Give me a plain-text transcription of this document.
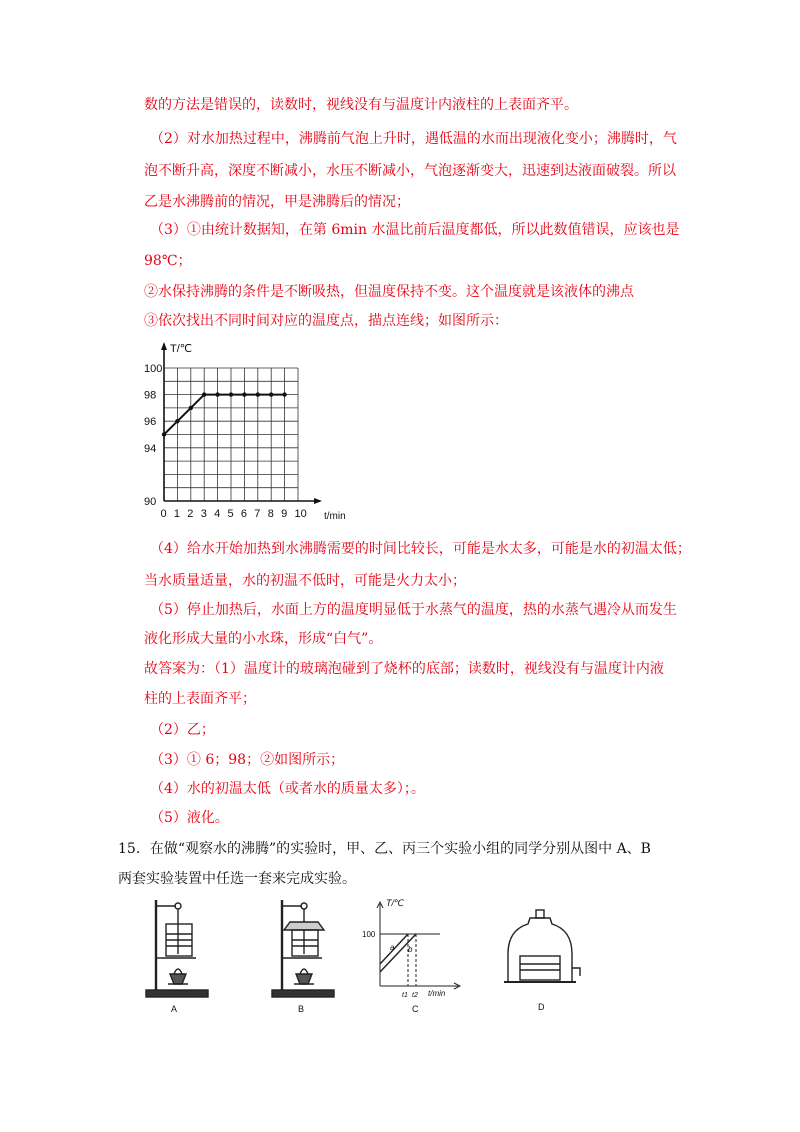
数的方法是错误的，读数时，视线没有与温度计内液柱的上表面齐平。
（2）对水加热过程中，沸腾前气泡上升时，遇低温的水而出现液化变小；沸腾时，气
泡不断升高，深度不断减小，水压不断减小，气泡逐渐变大，迅速到达液面破裂。所以
乙是水沸腾前的情况，甲是沸腾后的情况；
（3）①由统计数据知，在第 6min 水温比前后温度都低，所以此数值错误，应该也是
98℃；
②水保持沸腾的条件是不断吸热，但温度保持不变。这个温度就是该液体的沸点
③依次找出不同时间对应的温度点，描点连线；如图所示：
0 1 2 3 4 5 6 7 8 9 10
90
94
96
98
100
T/℃
t/min
（4）给水开始加热到水沸腾需要的时间比较长，可能是水太多，可能是水的初温太低；
当水质量适量，水的初温不低时，可能是火力太小；
（5）停止加热后，水面上方的温度明显低于水蒸气的温度，热的水蒸气遇冷从而发生
液化形成大量的小水珠，形成“白气”。
故答案为：（1）温度计的玻璃泡碰到了烧杯的底部；读数时，视线没有与温度计内液
柱的上表面齐平；
（2）乙；
（3）① 6；98；②如图所示；
（4）水的初温太低（或者水的质量太多）；。
（5）液化。
15．在做“观察水的沸腾”的实验时，甲、乙、丙三个实验小组的同学分别从图中 A、B
两套实验装置中任选一套来完成实验。
A	B
T/℃
100
a b
t1 t2 t/min
C	D
